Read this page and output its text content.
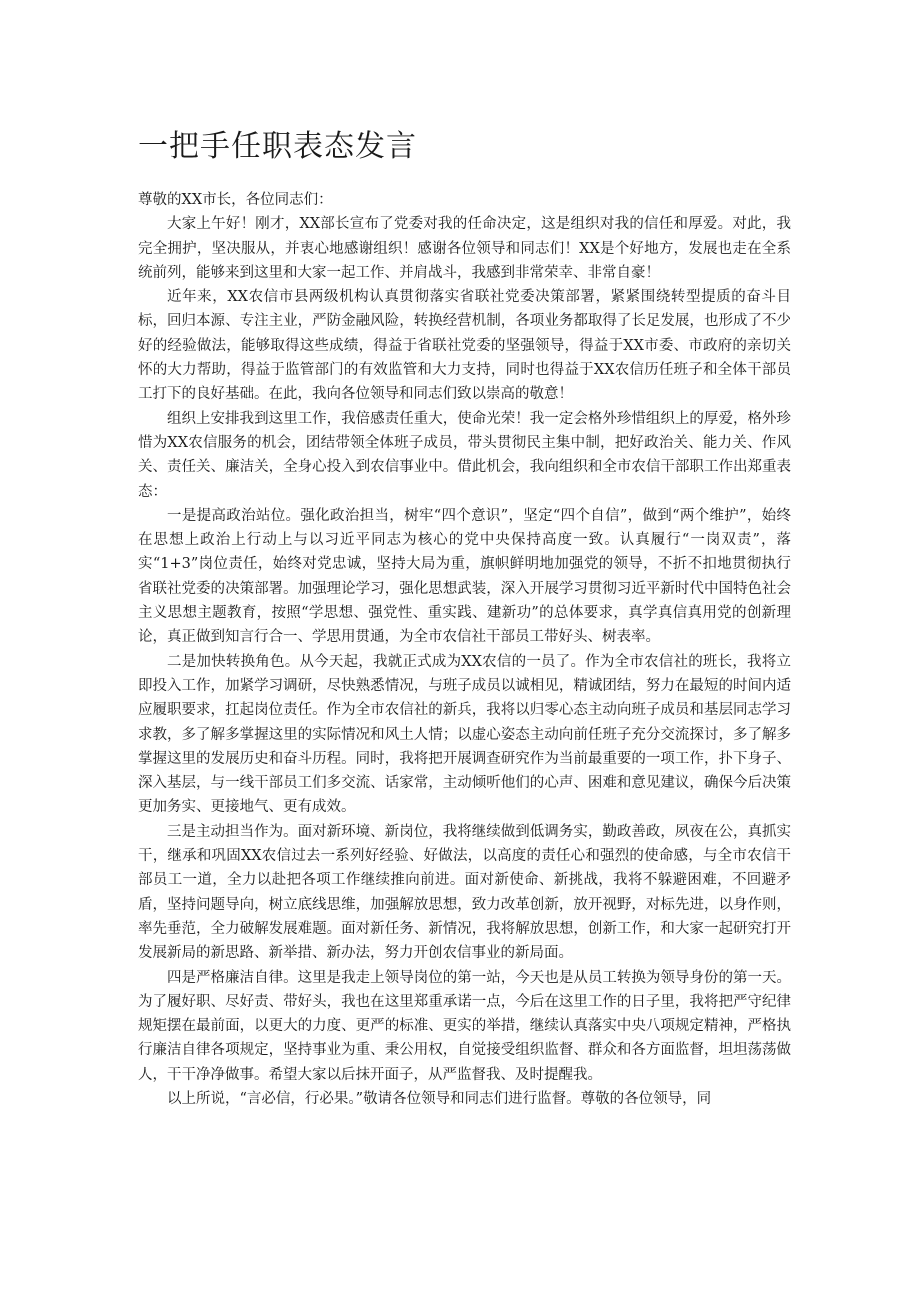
一把手任职表态发言

尊敬的XX市长，各位同志们：

大家上午好！刚才，XX部长宣布了党委对我的任命决定，这是组织对我的信任和厚爱。对此，我完全拥护，坚决服从，并衷心地感谢组织！感谢各位领导和同志们！XX是个好地方，发展也走在全系统前列，能够来到这里和大家一起工作、并肩战斗，我感到非常荣幸、非常自豪！

近年来，XX农信市县两级机构认真贯彻落实省联社党委决策部署，紧紧围绕转型提质的奋斗目标，回归本源、专注主业，严防金融风险，转换经营机制，各项业务都取得了长足发展，也形成了不少好的经验做法，能够取得这些成绩，得益于省联社党委的坚强领导，得益于XX市委、市政府的亲切关怀的大力帮助，得益于监管部门的有效监管和大力支持，同时也得益于XX农信历任班子和全体干部员工打下的良好基础。在此，我向各位领导和同志们致以崇高的敬意！

组织上安排我到这里工作，我倍感责任重大，使命光荣！我一定会格外珍惜组织上的厚爱，格外珍惜为XX农信服务的机会，团结带领全体班子成员，带头贯彻民主集中制，把好政治关、能力关、作风关、责任关、廉洁关，全身心投入到农信事业中。借此机会，我向组织和全市农信干部职工作出郑重表态：

一是提高政治站位。强化政治担当，树牢“四个意识”，坚定“四个自信”，做到“两个维护”，始终在思想上政治上行动上与以习近平同志为核心的党中央保持高度一致。认真履行“一岗双责”，落实“1+3”岗位责任，始终对党忠诚，坚持大局为重，旗帜鲜明地加强党的领导，不折不扣地贯彻执行省联社党委的决策部署。加强理论学习，强化思想武装，深入开展学习贯彻习近平新时代中国特色社会主义思想主题教育，按照“学思想、强党性、重实践、建新功”的总体要求，真学真信真用党的创新理论，真正做到知言行合一、学思用贯通，为全市农信社干部员工带好头、树表率。

二是加快转换角色。从今天起，我就正式成为XX农信的一员了。作为全市农信社的班长，我将立即投入工作，加紧学习调研，尽快熟悉情况，与班子成员以诚相见，精诚团结，努力在最短的时间内适应履职要求，扛起岗位责任。作为全市农信社的新兵，我将以归零心态主动向班子成员和基层同志学习求教，多了解多掌握这里的实际情况和风土人情；以虚心姿态主动向前任班子充分交流探讨，多了解多掌握这里的发展历史和奋斗历程。同时，我将把开展调查研究作为当前最重要的一项工作，扑下身子、深入基层，与一线干部员工们多交流、话家常，主动倾听他们的心声、困难和意见建议，确保今后决策更加务实、更接地气、更有成效。

三是主动担当作为。面对新环境、新岗位，我将继续做到低调务实，勤政善政，夙夜在公，真抓实干，继承和巩固XX农信过去一系列好经验、好做法，以高度的责任心和强烈的使命感，与全市农信干部员工一道，全力以赴把各项工作继续推向前进。面对新使命、新挑战，我将不躲避困难，不回避矛盾，坚持问题导向，树立底线思维，加强解放思想，致力改革创新，放开视野，对标先进，以身作则，率先垂范，全力破解发展难题。面对新任务、新情况，我将解放思想，创新工作，和大家一起研究打开发展新局的新思路、新举措、新办法，努力开创农信事业的新局面。

四是严格廉洁自律。这里是我走上领导岗位的第一站，今天也是从员工转换为领导身份的第一天。为了履好职、尽好责、带好头，我也在这里郑重承诺一点，今后在这里工作的日子里，我将把严守纪律规矩摆在最前面，以更大的力度、更严的标准、更实的举措，继续认真落实中央八项规定精神，严格执行廉洁自律各项规定，坚持事业为重、秉公用权，自觉接受组织监督、群众和各方面监督，坦坦荡荡做人，干干净净做事。希望大家以后抹开面子，从严监督我、及时提醒我。

以上所说，“言必信，行必果。”敬请各位领导和同志们进行监督。尊敬的各位领导，同
